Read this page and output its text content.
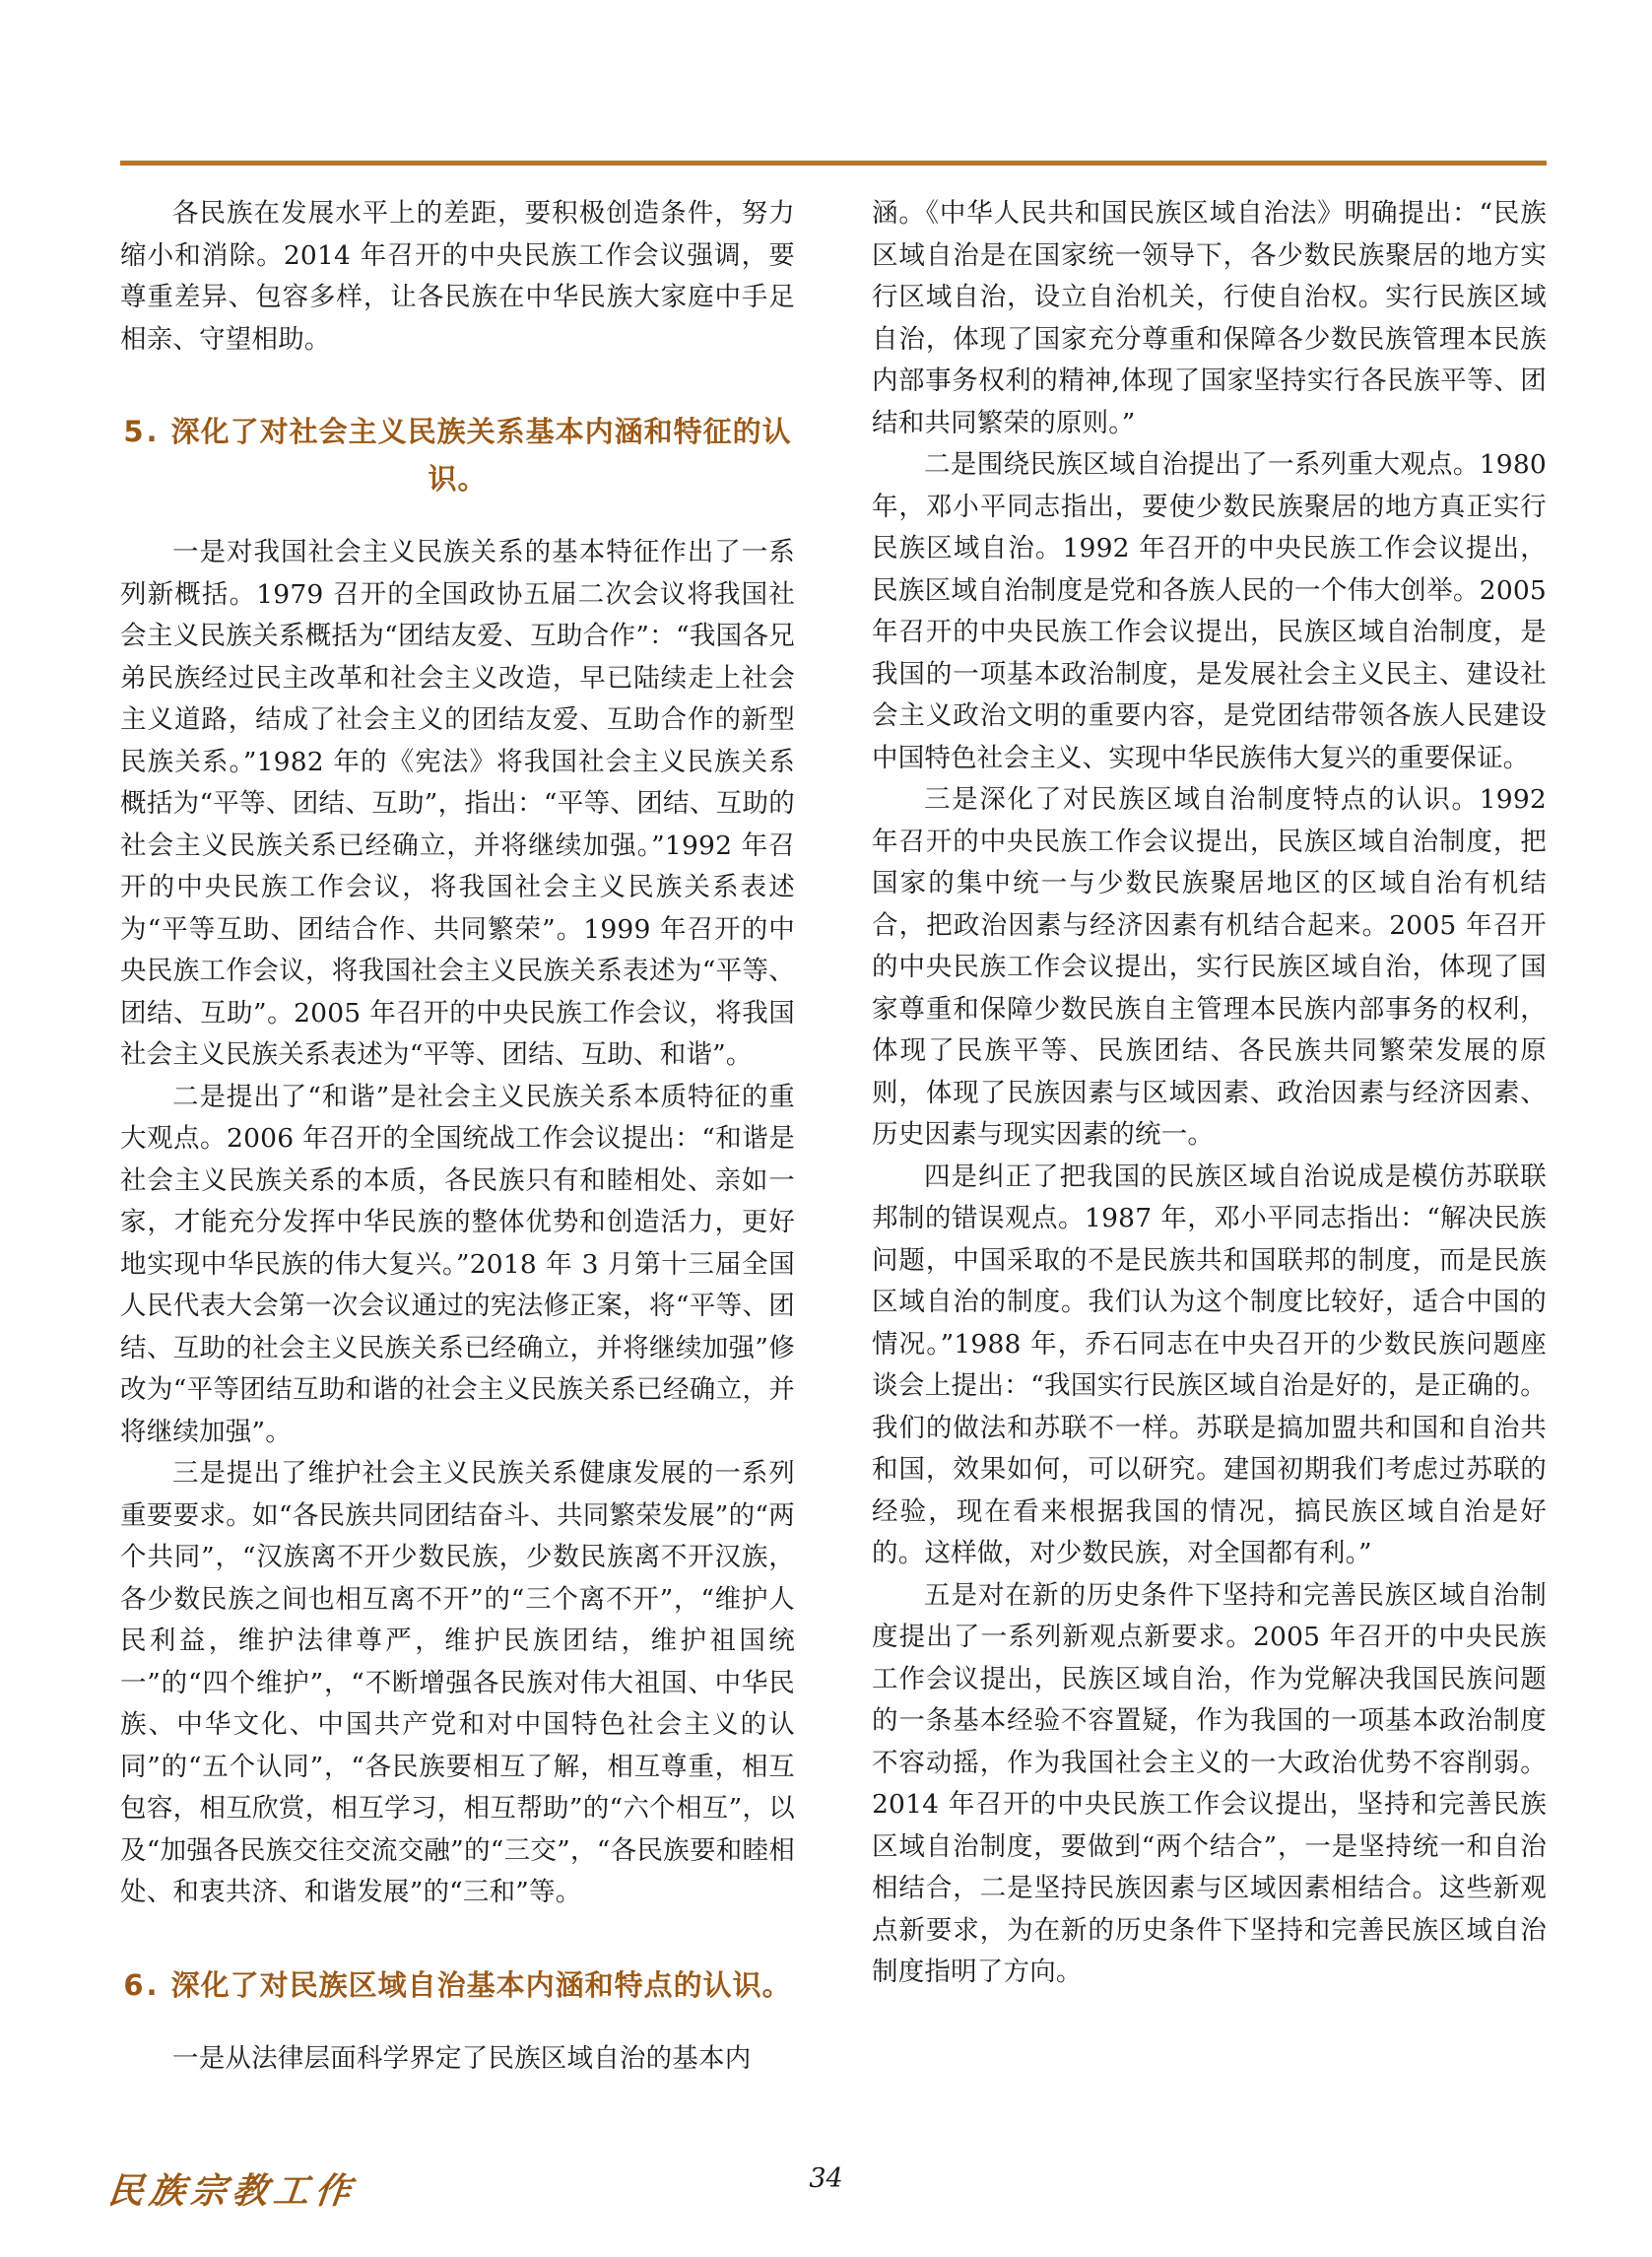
各民族在发展水平上的差距，要积极创造条件，努力缩小和消除。2014 年召开的中央民族工作会议强调，要尊重差异、包容多样，让各民族在中华民族大家庭中手足相亲、守望相助。

5. 深化了对社会主义民族关系基本内涵和特征的认识。

一是对我国社会主义民族关系的基本特征作出了一系列新概括。1979 召开的全国政协五届二次会议将我国社会主义民族关系概括为“团结友爱、互助合作”：“我国各兄弟民族经过民主改革和社会主义改造，早已陆续走上社会主义道路，结成了社会主义的团结友爱、互助合作的新型民族关系。”1982 年的《宪法》将我国社会主义民族关系概括为“平等、团结、互助”，指出：“平等、团结、互助的社会主义民族关系已经确立，并将继续加强。”1992 年召开的中央民族工作会议，将我国社会主义民族关系表述为“平等互助、团结合作、共同繁荣”。1999 年召开的中央民族工作会议，将我国社会主义民族关系表述为“平等、团结、互助”。2005 年召开的中央民族工作会议，将我国社会主义民族关系表述为“平等、团结、互助、和谐”。

二是提出了“和谐”是社会主义民族关系本质特征的重大观点。2006 年召开的全国统战工作会议提出：“和谐是社会主义民族关系的本质，各民族只有和睦相处、亲如一家，才能充分发挥中华民族的整体优势和创造活力，更好地实现中华民族的伟大复兴。”2018 年 3 月第十三届全国人民代表大会第一次会议通过的宪法修正案，将“平等、团结、互助的社会主义民族关系已经确立，并将继续加强”修改为“平等团结互助和谐的社会主义民族关系已经确立，并将继续加强”。

三是提出了维护社会主义民族关系健康发展的一系列重要要求。如“各民族共同团结奋斗、共同繁荣发展”的“两个共同”，“汉族离不开少数民族，少数民族离不开汉族，各少数民族之间也相互离不开”的“三个离不开”，“维护人民利益，维护法律尊严，维护民族团结，维护祖国统一”的“四个维护”，“不断增强各民族对伟大祖国、中华民族、中华文化、中国共产党和对中国特色社会主义的认同”的“五个认同”，“各民族要相互了解，相互尊重，相互包容，相互欣赏，相互学习，相互帮助”的“六个相互”，以及“加强各民族交往交流交融”的“三交”，“各民族要和睦相处、和衷共济、和谐发展”的“三和”等。

6. 深化了对民族区域自治基本内涵和特点的认识。

一是从法律层面科学界定了民族区域自治的基本内

涵。《中华人民共和国民族区域自治法》明确提出：“民族区域自治是在国家统一领导下，各少数民族聚居的地方实行区域自治，设立自治机关，行使自治权。实行民族区域自治，体现了国家充分尊重和保障各少数民族管理本民族内部事务权利的精神,体现了国家坚持实行各民族平等、团结和共同繁荣的原则。”

二是围绕民族区域自治提出了一系列重大观点。1980 年，邓小平同志指出，要使少数民族聚居的地方真正实行民族区域自治。1992 年召开的中央民族工作会议提出，民族区域自治制度是党和各族人民的一个伟大创举。2005 年召开的中央民族工作会议提出，民族区域自治制度，是我国的一项基本政治制度，是发展社会主义民主、建设社会主义政治文明的重要内容，是党团结带领各族人民建设中国特色社会主义、实现中华民族伟大复兴的重要保证。

三是深化了对民族区域自治制度特点的认识。1992 年召开的中央民族工作会议提出，民族区域自治制度，把国家的集中统一与少数民族聚居地区的区域自治有机结合，把政治因素与经济因素有机结合起来。2005 年召开的中央民族工作会议提出，实行民族区域自治，体现了国家尊重和保障少数民族自主管理本民族内部事务的权利，体现了民族平等、民族团结、各民族共同繁荣发展的原则，体现了民族因素与区域因素、政治因素与经济因素、历史因素与现实因素的统一。

四是纠正了把我国的民族区域自治说成是模仿苏联联邦制的错误观点。1987 年，邓小平同志指出：“解决民族问题，中国采取的不是民族共和国联邦的制度，而是民族区域自治的制度。我们认为这个制度比较好，适合中国的情况。”1988 年，乔石同志在中央召开的少数民族问题座谈会上提出：“我国实行民族区域自治是好的，是正确的。我们的做法和苏联不一样。苏联是搞加盟共和国和自治共和国，效果如何，可以研究。建国初期我们考虑过苏联的经验，现在看来根据我国的情况，搞民族区域自治是好的。这样做，对少数民族，对全国都有利。”

五是对在新的历史条件下坚持和完善民族区域自治制度提出了一系列新观点新要求。2005 年召开的中央民族工作会议提出，民族区域自治，作为党解决我国民族问题的一条基本经验不容置疑，作为我国的一项基本政治制度不容动摇，作为我国社会主义的一大政治优势不容削弱。2014 年召开的中央民族工作会议提出，坚持和完善民族区域自治制度，要做到“两个结合”，一是坚持统一和自治相结合，二是坚持民族因素与区域因素相结合。这些新观点新要求，为在新的历史条件下坚持和完善民族区域自治制度指明了方向。

民族宗教工作	34
